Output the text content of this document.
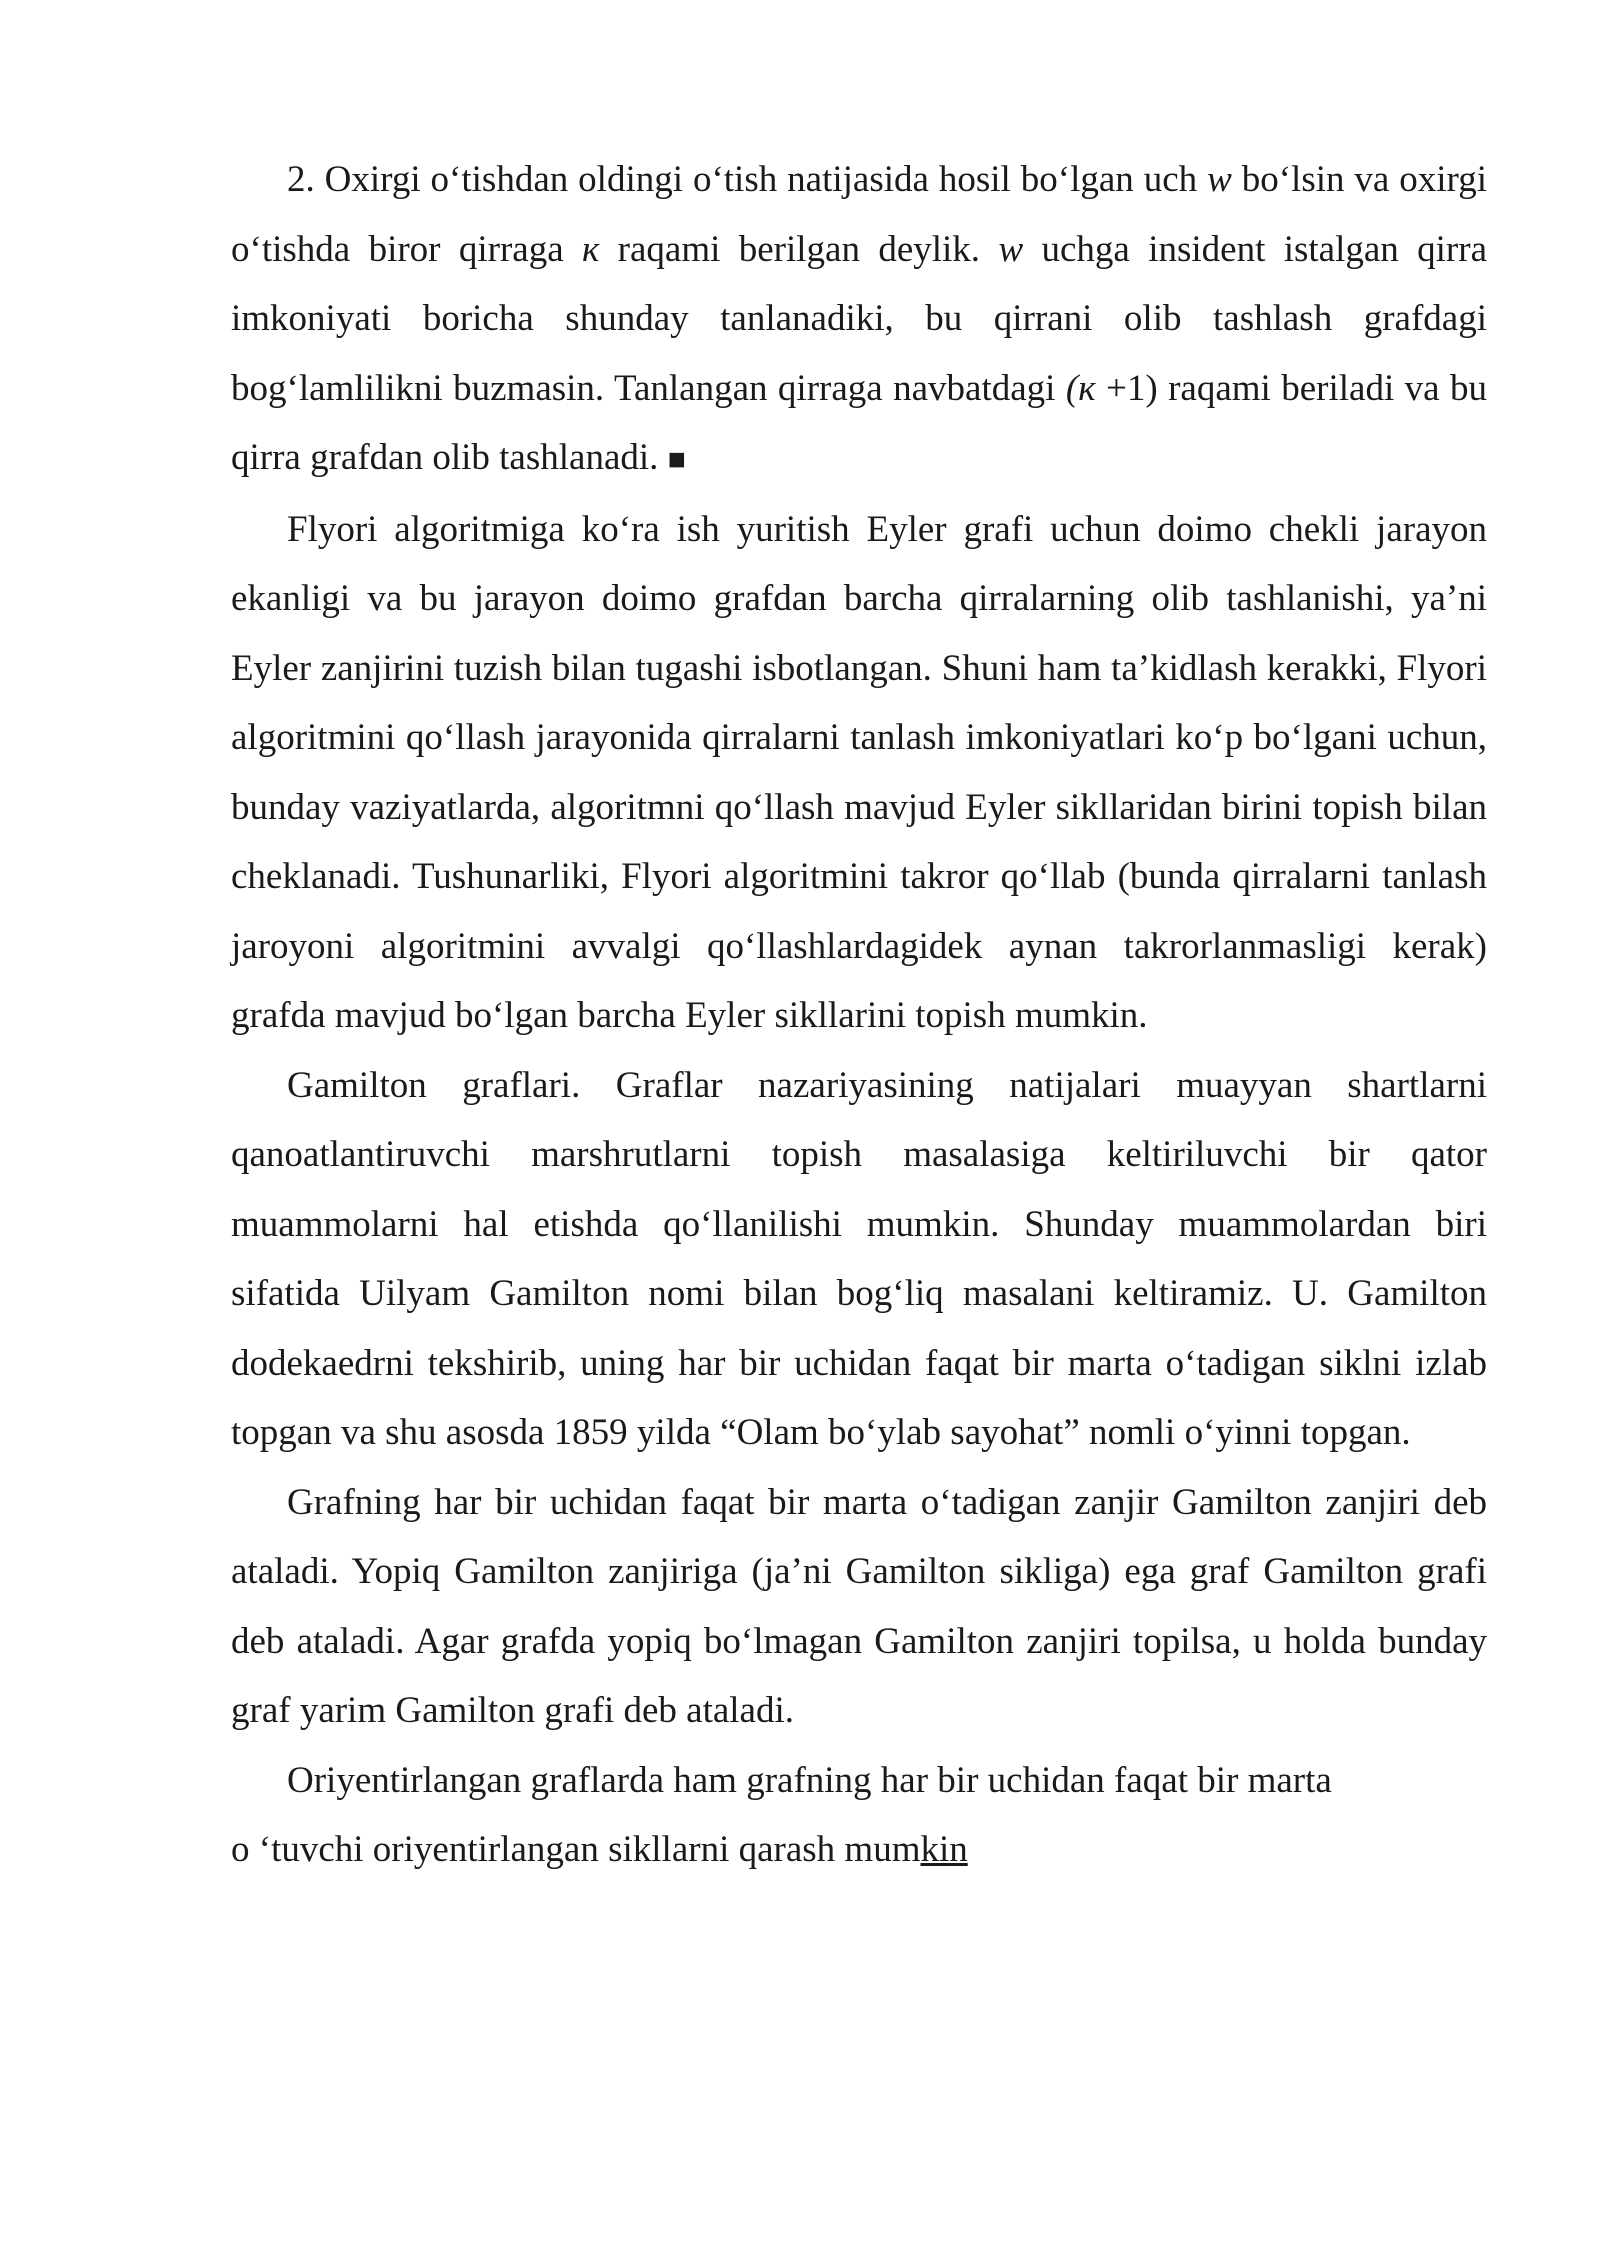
2. Oxirgi o‘tishdan oldingi o‘tish natijasida hosil bo‘lgan uch w bo‘lsin va oxirgi o‘tishda biror qirraga к raqami berilgan deylik. w uchga insident istalgan qirra imkoniyati boricha shunday tanlanadiki, bu qirrani olib tashlash grafdagi bog‘lamlilikni buzmasin. Tanlangan qirraga navbatdagi (к +1) raqami beriladi va bu qirra grafdan olib tashlanadi. ■

Flyori algoritmiga ko‘ra ish yuritish Eyler grafi uchun doimo chekli jarayon ekanligi va bu jarayon doimo grafdan barcha qirralarning olib tashlanishi, ya’ni Eyler zanjirini tuzish bilan tugashi isbotlangan. Shuni ham ta’kidlash kerakki, Flyori algoritmini qo‘llash jarayonida qirralarni tanlash imkoniyatlari ko‘p bo‘lgani uchun, bunday vaziyatlarda, algoritmni qo‘llash mavjud Eyler sikllaridan birini topish bilan cheklanadi. Tushunarliki, Flyori algoritmini takror qo‘llab (bunda qirralarni tanlash jaroyoni algoritmini avvalgi qo‘llashlardagidek aynan takrorlanmasligi kerak) grafda mavjud bo‘lgan barcha Eyler sikllarini topish mumkin.

Gamilton graflari. Graflar nazariyasining natijalari muayyan shartlarni qanoatlantiruvchi marshrutlarni topish masalasiga keltiriluvchi bir qator muammolarni hal etishda qo‘llanilishi mumkin. Shunday muammolardan biri sifatida Uilyam Gamilton nomi bilan bog‘liq masalani keltiramiz. U. Gamilton dodekaedrni tekshirib, uning har bir uchidan faqat bir marta o‘tadigan siklni izlab topgan va shu asosda 1859 yilda “Olam bo‘ylab sayohat” nomli o‘yinni topgan.

Grafning har bir uchidan faqat bir marta o‘tadigan zanjir Gamilton zanjiri deb ataladi. Yopiq Gamilton zanjiriga (ja’ni Gamilton sikliga) ega graf Gamilton grafi deb ataladi. Agar grafda yopiq bo‘lmagan Gamilton zanjiri topilsa, u holda bunday graf yarim Gamilton grafi deb ataladi.

Oriyentirlangan graflarda ham grafning har bir uchidan faqat bir marta
o ‘tuvchi oriyentirlangan sikllarni qarash mumkin
